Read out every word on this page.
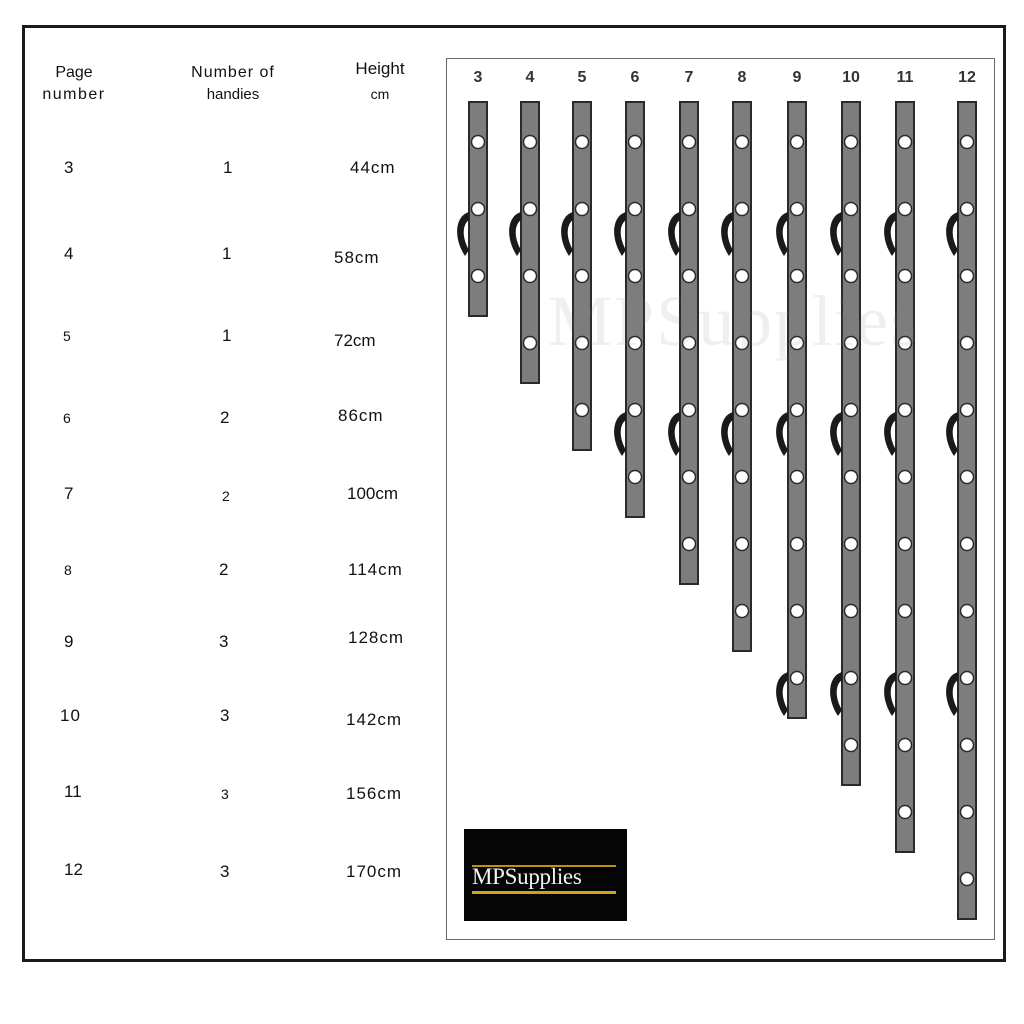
Page
number
Number of
handies
Height
cm
3	1	44cm
4	1	58cm
5	1	72cm
6	2	86cm
7	2	100cm
8	2	114cm
9	3	128cm
10	3	142cm
11	3	156cm
12	3	170cm
3	4	5	6	7	8	9	10 11	12
MPSupplies
